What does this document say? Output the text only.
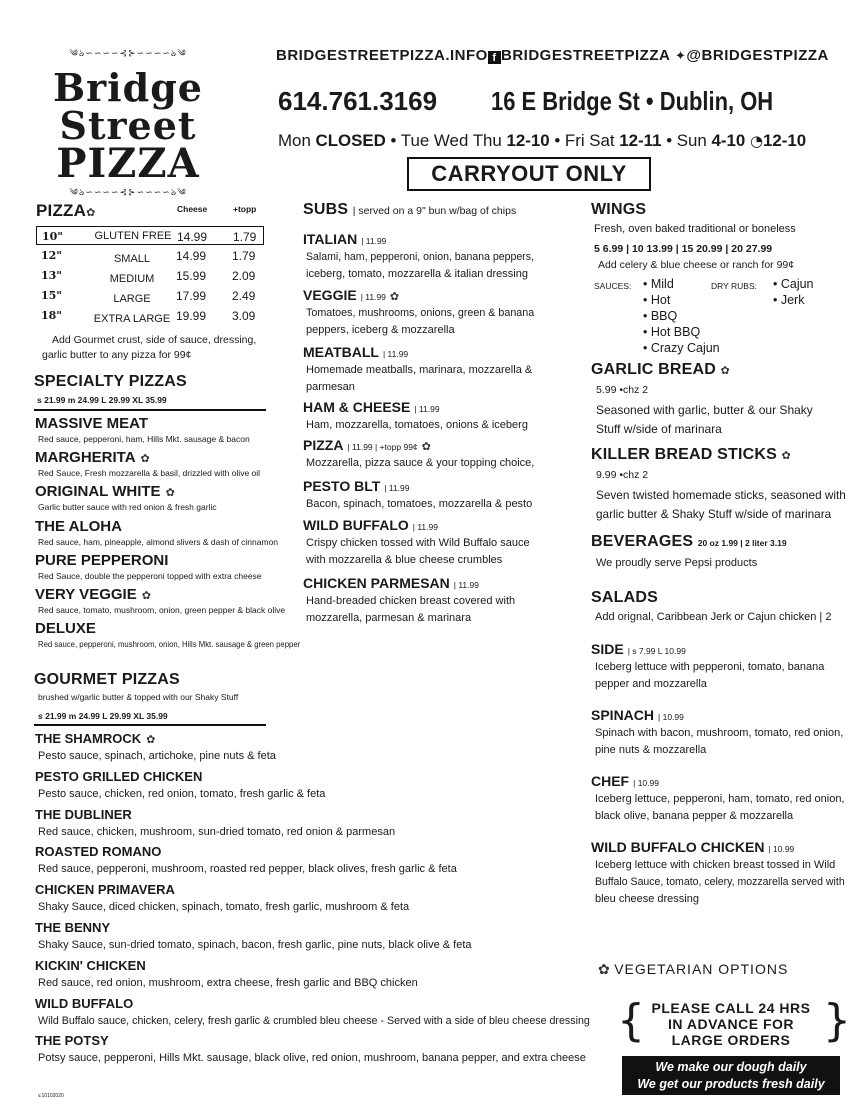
༄ঌ∽∽∽∽⊰⊱∽∽∽∽ঌ༄
Bridge
Street
PIZZA
༄ঌ∽∽∽∽⊰⊱∽∽∽∽ঌ༄
BRIDGESTREETPIZZA.INFO f BRIDGESTREETPIZZA ✦@BRIDGESTPIZZA
614.761.3169 16 E Bridge St • Dublin, OH
Mon CLOSED • Tue Wed Thu 12-10 • Fri Sat 12-11 • Sun 4-10 ◔12-10
CARRYOUT ONLY
PIZZA✿	Cheese	+topp
10"	GLUTEN FREE 14.99 1.79
12"	SMALL	14.99 1.79
13"	MEDIUM	15.99 2.09
15"	LARGE	17.99 2.49
18"	EXTRA LARGE 19.99 3.09
Add Gourmet crust, side of sauce, dressing,
garlic butter to any pizza for 99¢
SPECIALTY PIZZAS
s 21.99 m 24.99 L 29.99 XL 35.99
MASSIVE MEAT
Red sauce, pepperoni, ham, Hills Mkt. sausage & bacon
MARGHERITA ✿
Red Sauce, Fresh mozzarella & basil, drizzled with olive oil
ORIGINAL WHITE ✿
Garlic butter sauce with red onion & fresh garlic
THE ALOHA
Red sauce, ham, pineapple, almond slivers & dash of cinnamon
PURE PEPPERONI
Red Sauce, double the pepperoni topped with extra cheese
VERY VEGGIE ✿
Red sauce, tomato, mushroom, onion, green pepper & black olive
DELUXE
Red sauce, pepperoni, mushroom, onion, Hills Mkt. sausage & green pepper
GOURMET PIZZAS
brushed w/garlic butter & topped with our Shaky Stuff
s 21.99 m 24.99 L 29.99 XL 35.99
THE SHAMROCK ✿
Pesto sauce, spinach, artichoke, pine nuts & feta
PESTO GRILLED CHICKEN
Pesto sauce, chicken, red onion, tomato, fresh garlic & feta
THE DUBLINER
Red sauce, chicken, mushroom, sun-dried tomato, red onion & parmesan
ROASTED ROMANO
Red sauce, pepperoni, mushroom, roasted red pepper, black olives, fresh garlic & feta
CHICKEN PRIMAVERA
Shaky Sauce, diced chicken, spinach, tomato, fresh garlic, mushroom & feta
THE BENNY
Shaky Sauce, sun-dried tomato, spinach, bacon, fresh garlic, pine nuts, black olive & feta
KICKIN' CHICKEN
Red sauce, red onion, mushroom, extra cheese, fresh garlic and BBQ chicken
WILD BUFFALO
Wild Buffalo sauce, chicken, celery, fresh garlic & crumbled bleu cheese - Served with a side of bleu cheese dressing
THE POTSY
Potsy sauce, pepperoni, Hills Mkt. sausage, black olive, red onion, mushroom, banana pepper, and extra cheese
v.10102020
SUBS | served on a 9" bun w/bag of chips
ITALIAN | 11.99
Salami, ham, pepperoni, onion, banana peppers,
iceberg, tomato, mozzarella & italian dressing
VEGGIE | 11.99 ✿
Tomatoes, mushrooms, onions, green & banana
peppers, iceberg & mozzarella
MEATBALL | 11.99
Homemade meatballs, marinara, mozzarella &
parmesan
HAM & CHEESE | 11.99
Ham, mozzarella, tomatoes, onions & iceberg
PIZZA | 11.99 | +topp 99¢ ✿
Mozzarella, pizza sauce & your topping choice,
PESTO BLT | 11.99
Bacon, spinach, tomatoes, mozzarella & pesto
WILD BUFFALO | 11.99
Crispy chicken tossed with Wild Buffalo sauce
with mozzarella & blue cheese crumbles
CHICKEN PARMESAN | 11.99
Hand-breaded chicken breast covered with
mozzarella, parmesan & marinara
WINGS
Fresh, oven baked traditional or boneless
5 6.99 | 10 13.99 | 15 20.99 | 20 27.99
Add celery & blue cheese or ranch for 99¢
SAUCES: • Mild
• Hot
• BBQ
• Hot BBQ
• Crazy Cajun
DRY RUBS: • Cajun
• Jerk
GARLIC BREAD ✿
5.99 •chz 2
Seasoned with garlic, butter & our Shaky
Stuff w/side of marinara
KILLER BREAD STICKS ✿
9.99 •chz 2
Seven twisted homemade sticks, seasoned with
garlic butter & Shaky Stuff w/side of marinara
BEVERAGES 20 oz 1.99 | 2 liter 3.19
We proudly serve Pepsi products
SALADS
Add orignal, Caribbean Jerk or Cajun chicken | 2
SIDE | s 7.99 L 10.99
Iceberg lettuce with pepperoni, tomato, banana
pepper and mozzarella
SPINACH | 10.99
Spinach with bacon, mushroom, tomato, red onion,
pine nuts & mozzarella
CHEF | 10.99
Iceberg lettuce, pepperoni, ham, tomato, red onion,
black olive, banana pepper & mozzarella
WILD BUFFALO CHICKEN | 10.99
Iceberg lettuce with chicken breast tossed in Wild
Buffalo Sauce, tomato, celery, mozzarella served with
bleu cheese dressing
✿ VEGETARIAN OPTIONS
{	}
PLEASE CALL 24 HRS
IN ADVANCE FOR
LARGE ORDERS
We make our dough daily
We get our products fresh daily
